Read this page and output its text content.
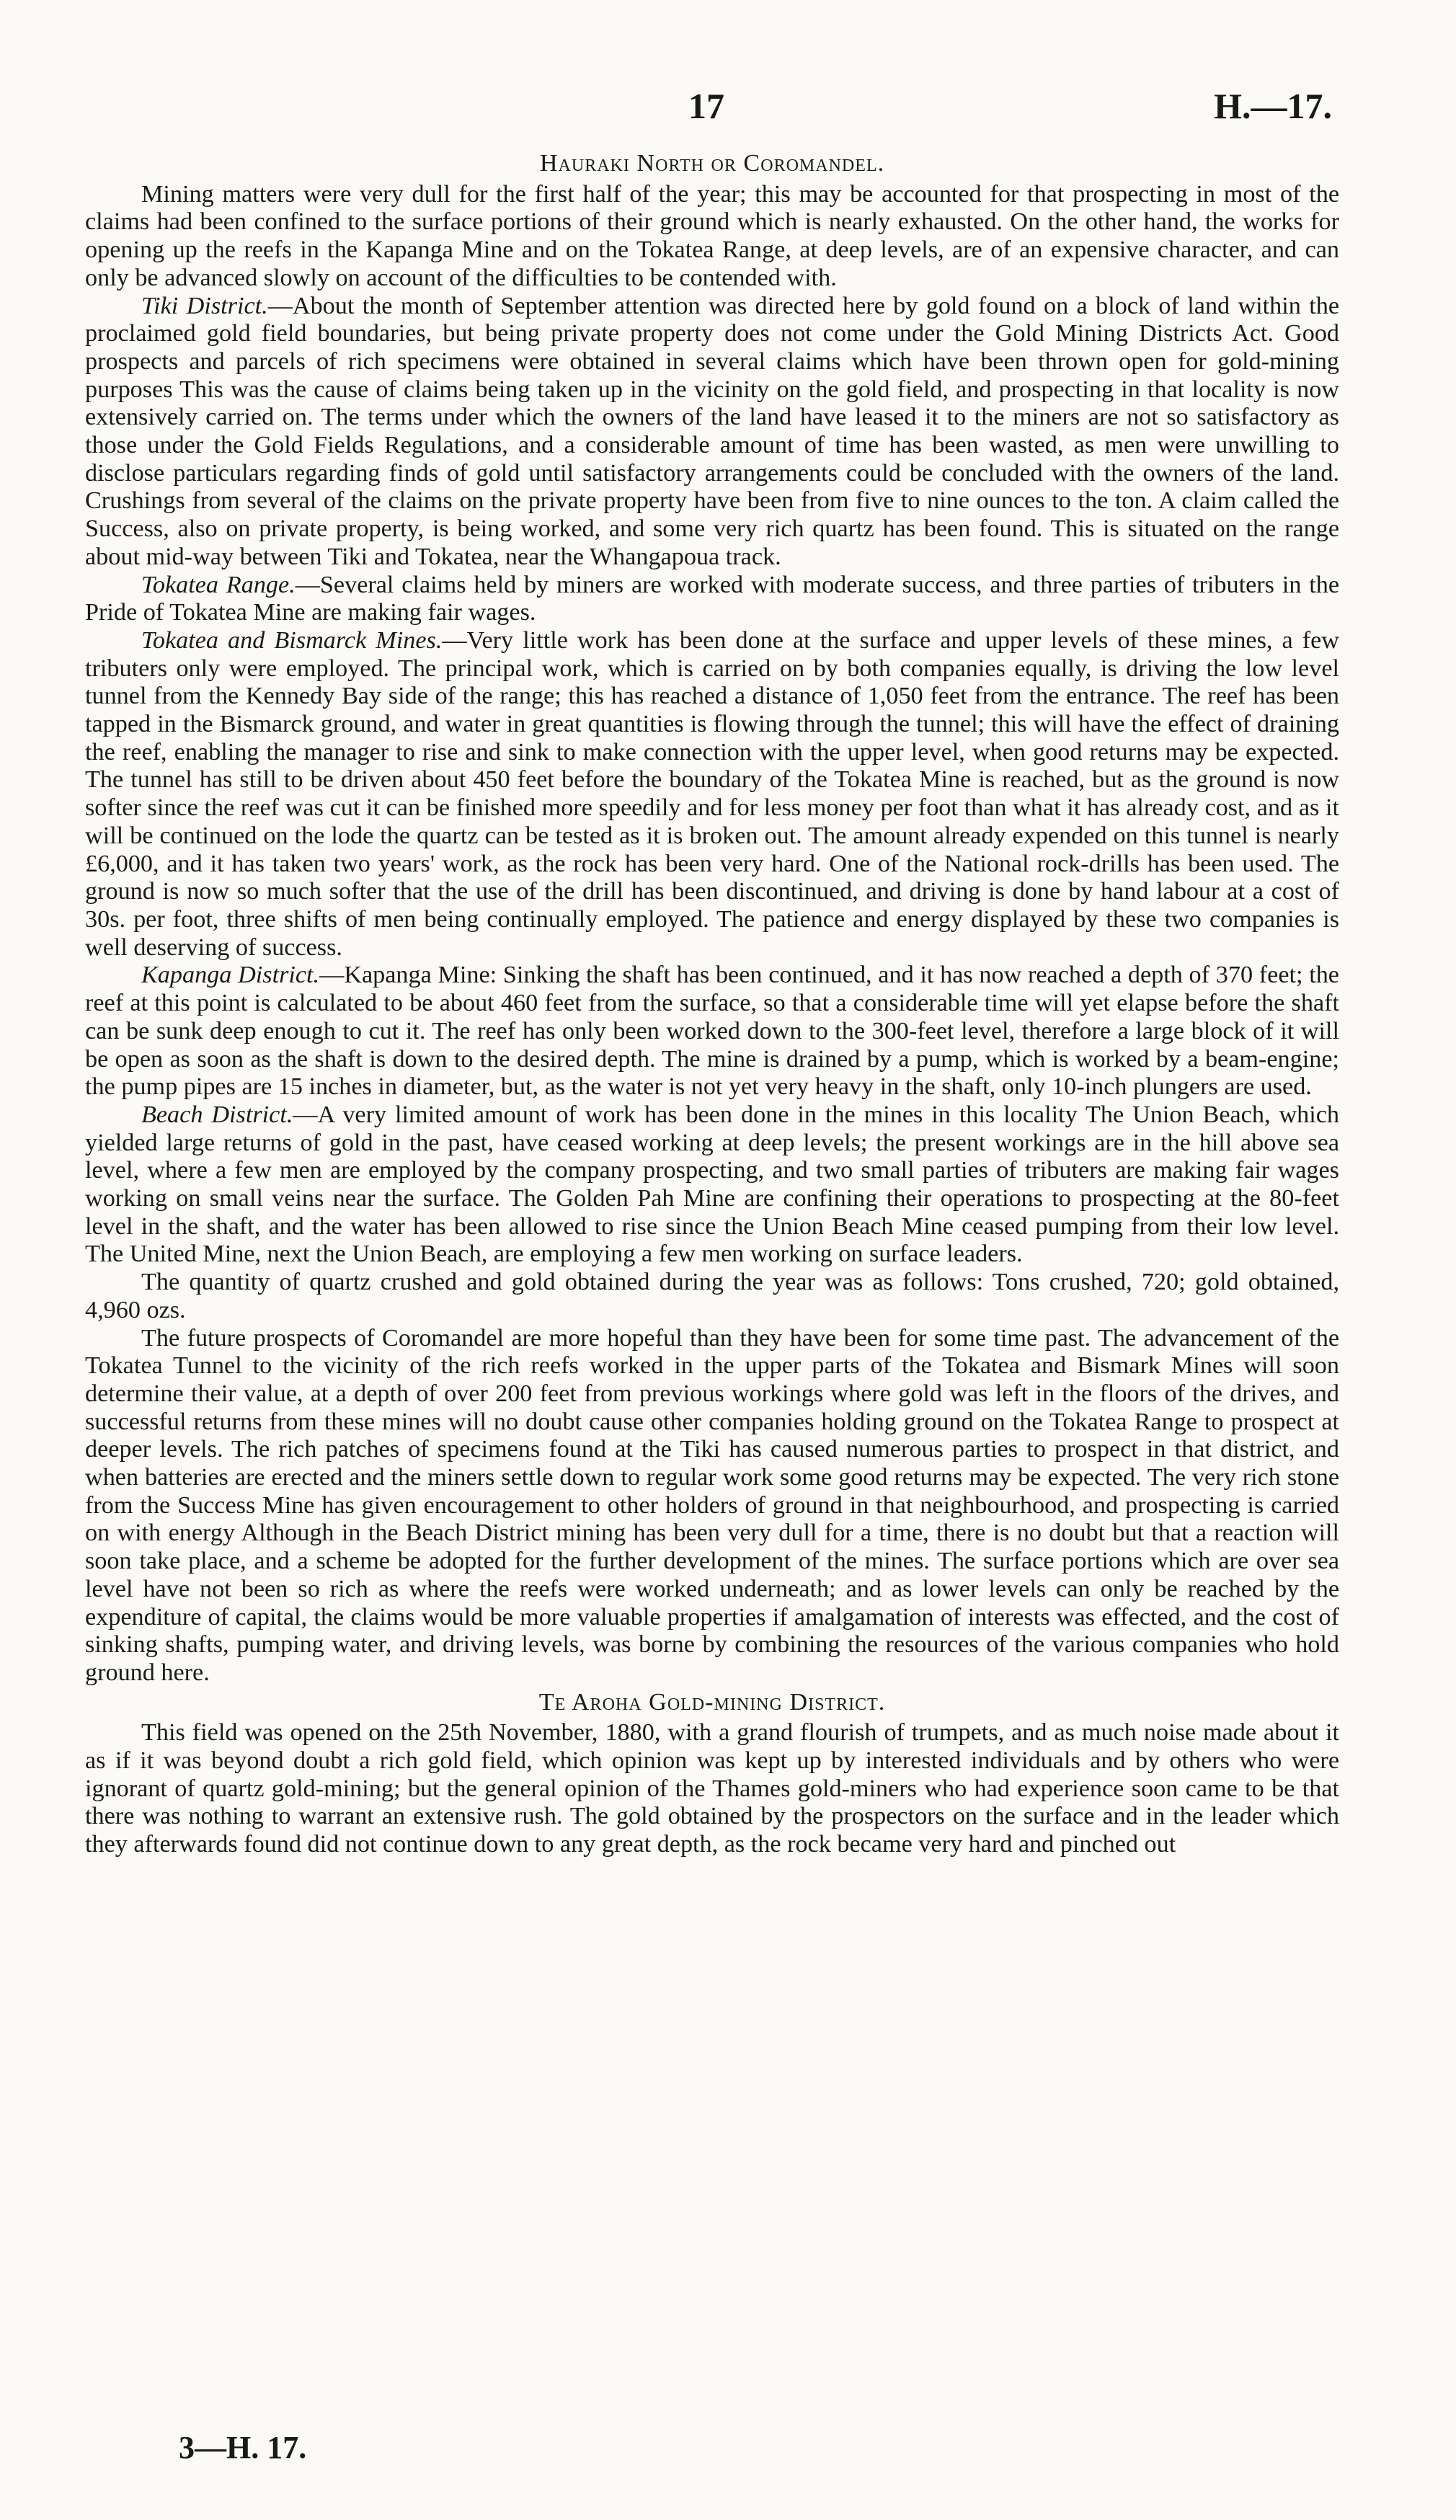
17	H.—17.
Hauraki North or Coromandel.

Mining matters were very dull for the first half of the year; this may be accounted for that prospecting in most of the claims had been confined to the surface portions of their ground which is nearly exhausted. On the other hand, the works for opening up the reefs in the Kapanga Mine and on the Tokatea Range, at deep levels, are of an expensive character, and can only be advanced slowly on account of the difficulties to be contended with.

Tiki District.—About the month of September attention was directed here by gold found on a block of land within the proclaimed gold field boundaries, but being private property does not come under the Gold Mining Districts Act. Good prospects and parcels of rich specimens were obtained in several claims which have been thrown open for gold-mining purposes This was the cause of claims being taken up in the vicinity on the gold field, and prospecting in that locality is now extensively carried on. The terms under which the owners of the land have leased it to the miners are not so satisfactory as those under the Gold Fields Regulations, and a considerable amount of time has been wasted, as men were unwilling to disclose particulars regarding finds of gold until satisfactory arrangements could be concluded with the owners of the land. Crushings from several of the claims on the private property have been from five to nine ounces to the ton. A claim called the Success, also on private property, is being worked, and some very rich quartz has been found. This is situated on the range about mid-way between Tiki and Tokatea, near the Whangapoua track.

Tokatea Range.—Several claims held by miners are worked with moderate success, and three parties of tributers in the Pride of Tokatea Mine are making fair wages.

Tokatea and Bismarck Mines.—Very little work has been done at the surface and upper levels of these mines, a few tributers only were employed. The principal work, which is carried on by both companies equally, is driving the low level tunnel from the Kennedy Bay side of the range; this has reached a distance of 1,050 feet from the entrance. The reef has been tapped in the Bismarck ground, and water in great quantities is flowing through the tunnel; this will have the effect of draining the reef, enabling the manager to rise and sink to make connection with the upper level, when good returns may be expected. The tunnel has still to be driven about 450 feet before the boundary of the Tokatea Mine is reached, but as the ground is now softer since the reef was cut it can be finished more speedily and for less money per foot than what it has already cost, and as it will be continued on the lode the quartz can be tested as it is broken out. The amount already expended on this tunnel is nearly £6,000, and it has taken two years' work, as the rock has been very hard. One of the National rock-drills has been used. The ground is now so much softer that the use of the drill has been discontinued, and driving is done by hand labour at a cost of 30s. per foot, three shifts of men being continually employed. The patience and energy displayed by these two companies is well deserving of success.

Kapanga District.—Kapanga Mine: Sinking the shaft has been continued, and it has now reached a depth of 370 feet; the reef at this point is calculated to be about 460 feet from the surface, so that a considerable time will yet elapse before the shaft can be sunk deep enough to cut it. The reef has only been worked down to the 300-feet level, therefore a large block of it will be open as soon as the shaft is down to the desired depth. The mine is drained by a pump, which is worked by a beam-engine; the pump pipes are 15 inches in diameter, but, as the water is not yet very heavy in the shaft, only 10-inch plungers are used.

Beach District.—A very limited amount of work has been done in the mines in this locality The Union Beach, which yielded large returns of gold in the past, have ceased working at deep levels; the present workings are in the hill above sea level, where a few men are employed by the company prospecting, and two small parties of tributers are making fair wages working on small veins near the surface. The Golden Pah Mine are confining their operations to prospecting at the 80-feet level in the shaft, and the water has been allowed to rise since the Union Beach Mine ceased pumping from their low level. The United Mine, next the Union Beach, are employing a few men working on surface leaders.

The quantity of quartz crushed and gold obtained during the year was as follows: Tons crushed, 720; gold obtained, 4,960 ozs.

The future prospects of Coromandel are more hopeful than they have been for some time past. The advancement of the Tokatea Tunnel to the vicinity of the rich reefs worked in the upper parts of the Tokatea and Bismark Mines will soon determine their value, at a depth of over 200 feet from previous workings where gold was left in the floors of the drives, and successful returns from these mines will no doubt cause other companies holding ground on the Tokatea Range to prospect at deeper levels. The rich patches of specimens found at the Tiki has caused numerous parties to prospect in that district, and when batteries are erected and the miners settle down to regular work some good returns may be expected. The very rich stone from the Success Mine has given encouragement to other holders of ground in that neighbourhood, and prospecting is carried on with energy Although in the Beach District mining has been very dull for a time, there is no doubt but that a reaction will soon take place, and a scheme be adopted for the further development of the mines. The surface portions which are over sea level have not been so rich as where the reefs were worked underneath; and as lower levels can only be reached by the expenditure of capital, the claims would be more valuable properties if amalgamation of interests was effected, and the cost of sinking shafts, pumping water, and driving levels, was borne by combining the resources of the various companies who hold ground here.

Te Aroha Gold-mining District.

This field was opened on the 25th November, 1880, with a grand flourish of trumpets, and as much noise made about it as if it was beyond doubt a rich gold field, which opinion was kept up by interested individuals and by others who were ignorant of quartz gold-mining; but the general opinion of the Thames gold-miners who had experience soon came to be that there was nothing to warrant an extensive rush. The gold obtained by the prospectors on the surface and in the leader which they afterwards found did not continue down to any great depth, as the rock became very hard and pinched out

3—H. 17.
